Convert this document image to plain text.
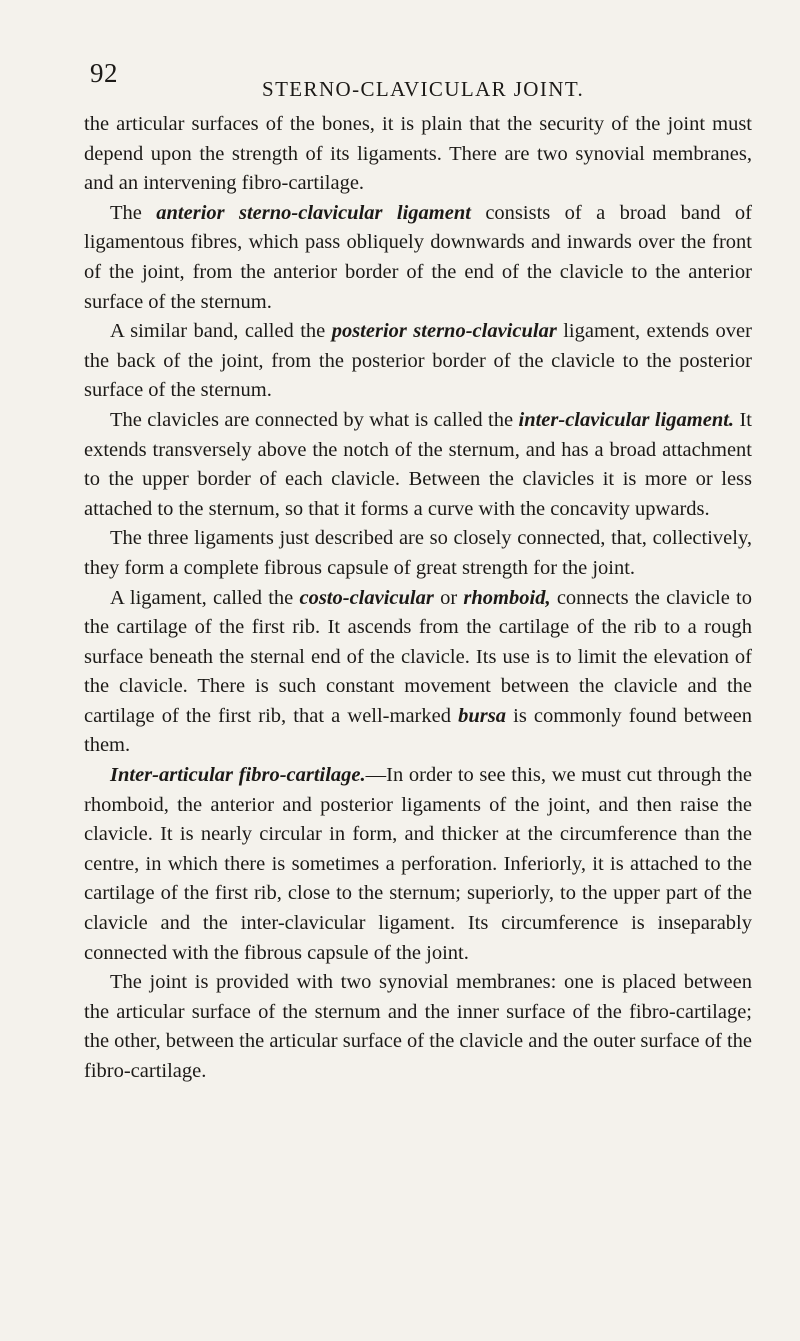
92
STERNO-CLAVICULAR JOINT.

the articular surfaces of the bones, it is plain that the security of the joint must depend upon the strength of its ligaments. There are two synovial membranes, and an intervening fibro-cartilage.

The anterior sterno-clavicular ligament consists of a broad band of ligamentous fibres, which pass obliquely downwards and inwards over the front of the joint, from the anterior border of the end of the clavicle to the anterior surface of the sternum.

A similar band, called the posterior sterno-clavicular ligament, extends over the back of the joint, from the posterior border of the clavicle to the posterior surface of the sternum.

The clavicles are connected by what is called the inter-clavicular ligament. It extends transversely above the notch of the sternum, and has a broad attachment to the upper border of each clavicle. Between the clavicles it is more or less attached to the sternum, so that it forms a curve with the concavity upwards.

The three ligaments just described are so closely connected, that, collectively, they form a complete fibrous capsule of great strength for the joint.

A ligament, called the costo-clavicular or rhomboid, connects the clavicle to the cartilage of the first rib. It ascends from the cartilage of the rib to a rough surface beneath the sternal end of the clavicle. Its use is to limit the elevation of the clavicle. There is such constant movement between the clavicle and the cartilage of the first rib, that a well-marked bursa is commonly found between them.

Inter-articular fibro-cartilage.—In order to see this, we must cut through the rhomboid, the anterior and posterior ligaments of the joint, and then raise the clavicle. It is nearly circular in form, and thicker at the circumference than the centre, in which there is sometimes a perforation. Inferiorly, it is attached to the cartilage of the first rib, close to the sternum; superiorly, to the upper part of the clavicle and the inter-clavicular ligament. Its circumference is inseparably connected with the fibrous capsule of the joint.

The joint is provided with two synovial membranes: one is placed between the articular surface of the sternum and the inner surface of the fibro-cartilage; the other, between the articular surface of the clavicle and the outer surface of the fibro-cartilage.
